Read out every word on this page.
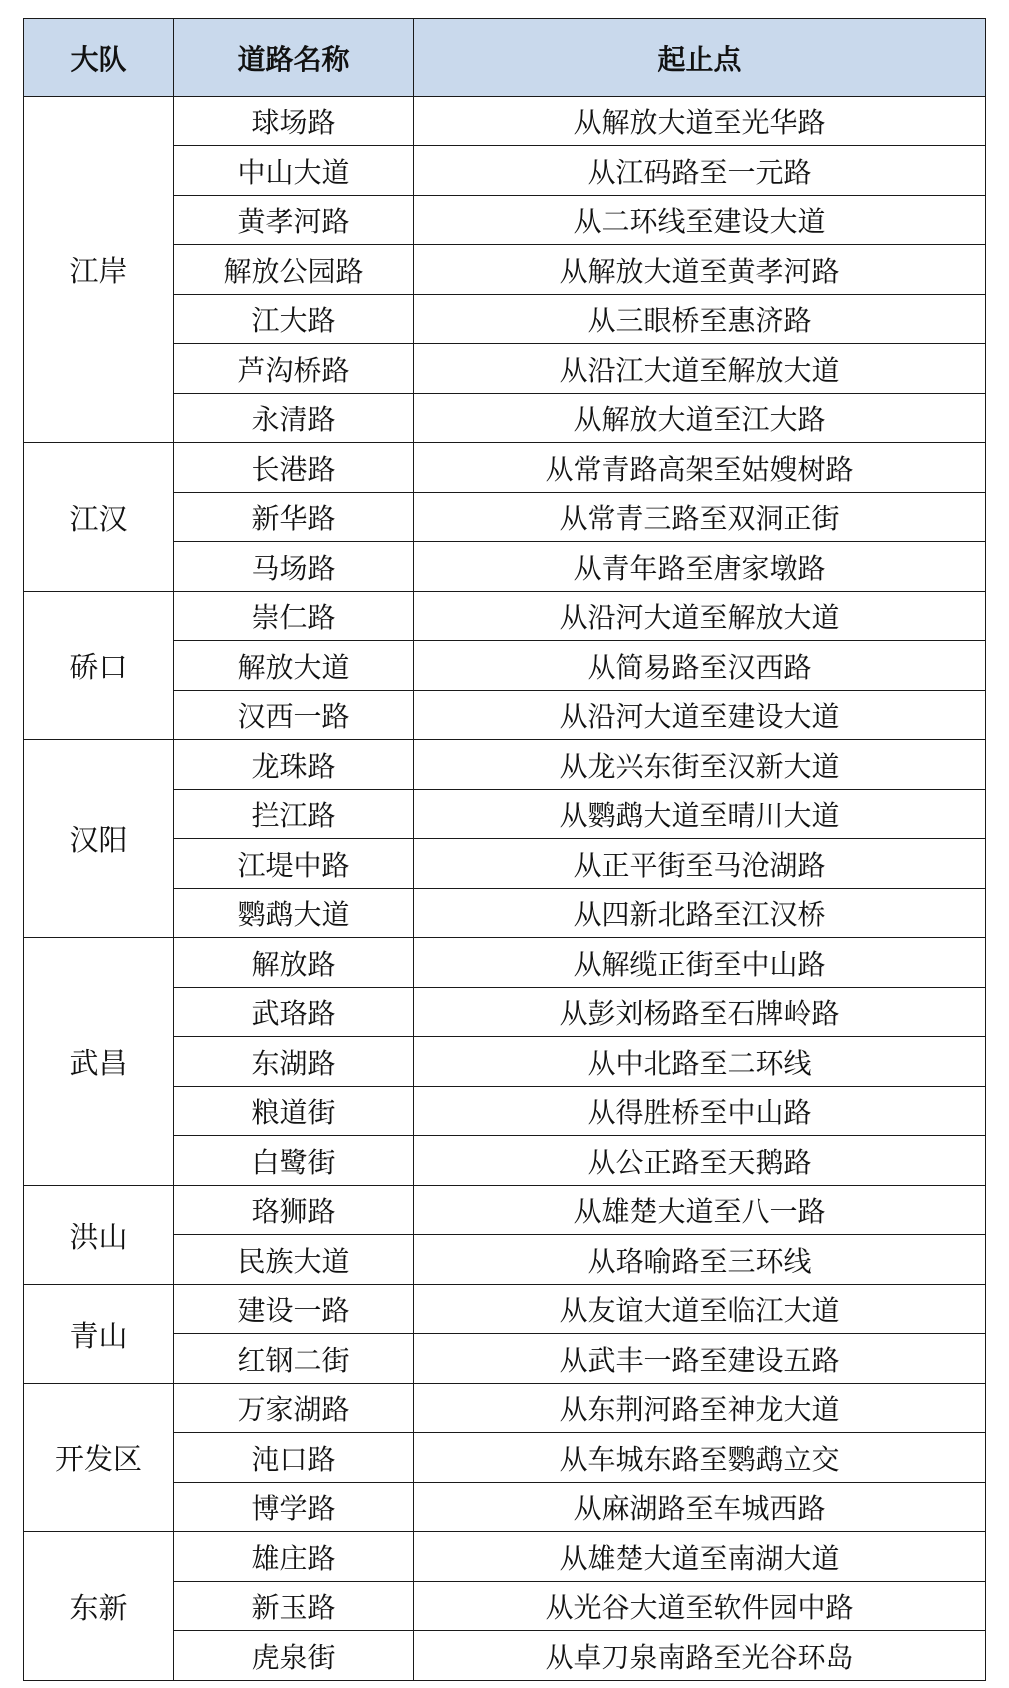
大队	道路名称	起止点
江岸	球场路	从解放大道至光华路
	中山大道	从江码路至一元路
	黄孝河路	从二环线至建设大道
	解放公园路	从解放大道至黄孝河路
	江大路	从三眼桥至惠济路
	芦沟桥路	从沿江大道至解放大道
	永清路	从解放大道至江大路
江汉	长港路	从常青路高架至姑嫂树路
	新华路	从常青三路至双洞正街
	马场路	从青年路至唐家墩路
硚口	崇仁路	从沿河大道至解放大道
	解放大道	从简易路至汉西路
	汉西一路	从沿河大道至建设大道
汉阳	龙珠路	从龙兴东街至汉新大道
	拦江路	从鹦鹉大道至晴川大道
	江堤中路	从正平街至马沧湖路
	鹦鹉大道	从四新北路至江汉桥
武昌	解放路	从解缆正街至中山路
	武珞路	从彭刘杨路至石牌岭路
	东湖路	从中北路至二环线
	粮道街	从得胜桥至中山路
	白鹭街	从公正路至天鹅路
洪山	珞狮路	从雄楚大道至八一路
	民族大道	从珞喻路至三环线
青山	建设一路	从友谊大道至临江大道
	红钢二街	从武丰一路至建设五路
开发区	万家湖路	从东荆河路至神龙大道
	沌口路	从车城东路至鹦鹉立交
	博学路	从麻湖路至车城西路
东新	雄庄路	从雄楚大道至南湖大道
	新玉路	从光谷大道至软件园中路
	虎泉街	从卓刀泉南路至光谷环岛
